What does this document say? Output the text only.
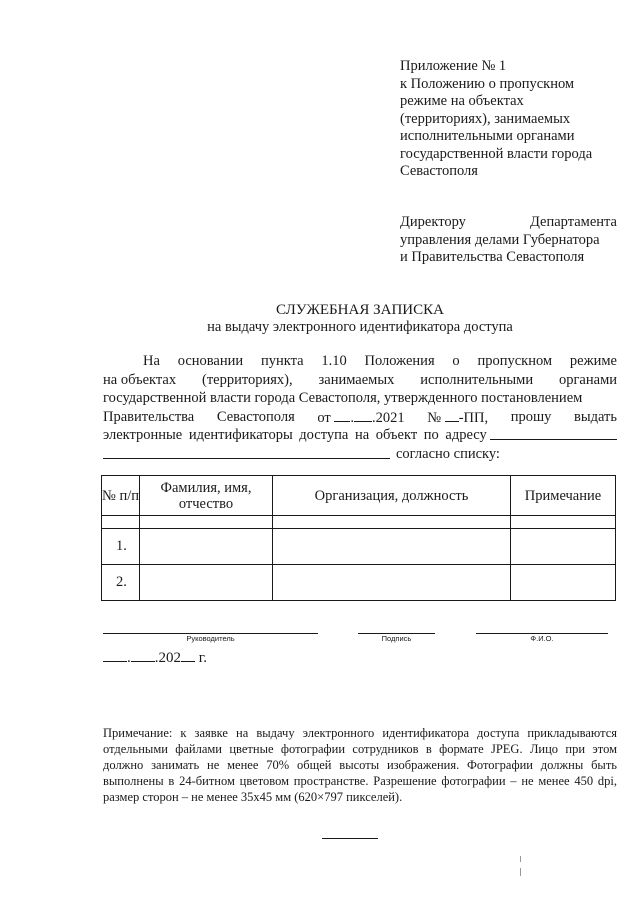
Приложение № 1
к Положению о пропускном
режиме на объектах
(территориях), занимаемых
исполнительными органами
государственной власти города
Севастополя
Директору	Департамента
управления делами Губернатора
и Правительства Севастополя
СЛУЖЕБНАЯ ЗАПИСКА
на выдачу электронного идентификатора доступа
На основании пункта 1.10 Положения о пропускном режиме
на объектах (территориях), занимаемых исполнительными органами
государственной власти города Севастополя, утвержденного постановлением
Правительства Севастополя от . .2021 № -ПП, прошу выдать
электронные идентификаторы доступа на объект по адресу
согласно списку:
№ п/п	Фамилия, имя, отчество	Организация, должность	Примечание

1.			
2.			
Руководитель	Подпись	Ф.И.О.
. .202 г.
Примечание: к заявке на выдачу электронного идентификатора доступа прикладываются отдельными файлами цветные фотографии сотрудников в формате JPEG. Лицо при этом должно занимать не менее 70% общей высоты изображения. Фотографии должны быть выполнены в 24-битном цветовом пространстве. Разрешение фотографии – не менее 450 dpi, размер сторон – не менее 35х45 мм (620×797 пикселей).
